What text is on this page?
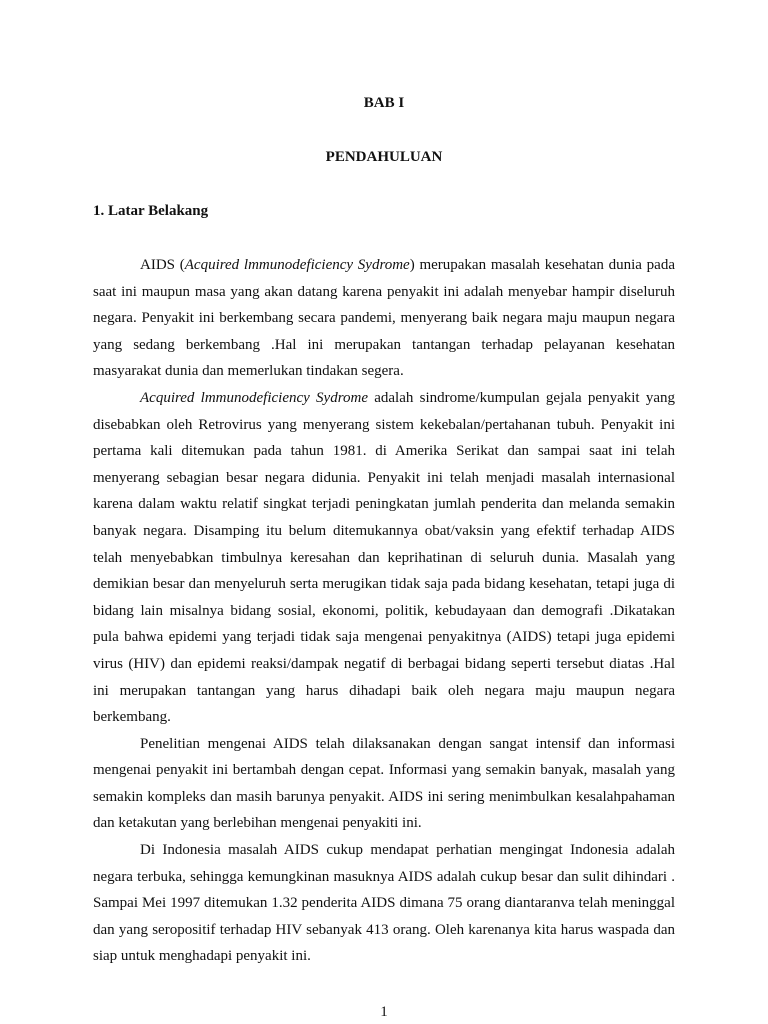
BAB I
PENDAHULUAN
1. Latar Belakang

AIDS (Acquired lmmunodeficiency Sydrome) merupakan masalah kesehatan dunia pada saat ini maupun masa yang akan datang karena penyakit ini adalah menyebar hampir diseluruh negara. Penyakit ini berkembang secara pandemi, menyerang baik negara maju maupun negara yang sedang berkembang .Hal ini merupakan tantangan terhadap pelayanan kesehatan masyarakat dunia dan memerlukan tindakan segera.

Acquired lmmunodeficiency Sydrome adalah sindrome/kumpulan gejala penyakit yang disebabkan oleh Retrovirus yang menyerang sistem kekebalan/pertahanan tubuh. Penyakit ini pertama kali ditemukan pada tahun 1981. di Amerika Serikat dan sampai saat ini telah menyerang sebagian besar negara didunia. Penyakit ini telah menjadi masalah internasional karena dalam waktu relatif singkat terjadi peningkatan jumlah penderita dan melanda semakin banyak negara. Disamping itu belum ditemukannya obat/vaksin yang efektif terhadap AIDS telah menyebabkan timbulnya keresahan dan keprihatinan di seluruh dunia. Masalah yang demikian besar dan menyeluruh serta merugikan tidak saja pada bidang kesehatan, tetapi juga di bidang lain misalnya bidang sosial, ekonomi, politik, kebudayaan dan demografi .Dikatakan pula bahwa epidemi yang terjadi tidak saja mengenai penyakitnya (AIDS) tetapi juga epidemi virus (HIV) dan epidemi reaksi/dampak negatif di berbagai bidang seperti tersebut diatas .Hal ini merupakan tantangan yang harus dihadapi baik oleh negara maju maupun negara berkembang.

Penelitian mengenai AIDS telah dilaksanakan dengan sangat intensif dan informasi mengenai penyakit ini bertambah dengan cepat. Informasi yang semakin banyak, masalah yang semakin kompleks dan masih barunya penyakit. AIDS ini sering menimbulkan kesalahpahaman dan ketakutan yang berlebihan mengenai penyakiti ini.

Di Indonesia masalah AIDS cukup mendapat perhatian mengingat Indonesia adalah negara terbuka, sehingga kemungkinan masuknya AIDS adalah cukup besar dan sulit dihindari . Sampai Mei 1997 ditemukan 1.32 penderita AIDS dimana 75 orang diantaranva telah meninggal dan yang seropositif terhadap HIV sebanyak 413 orang. Oleh karenanya kita harus waspada dan siap untuk menghadapi penyakit ini.

1
